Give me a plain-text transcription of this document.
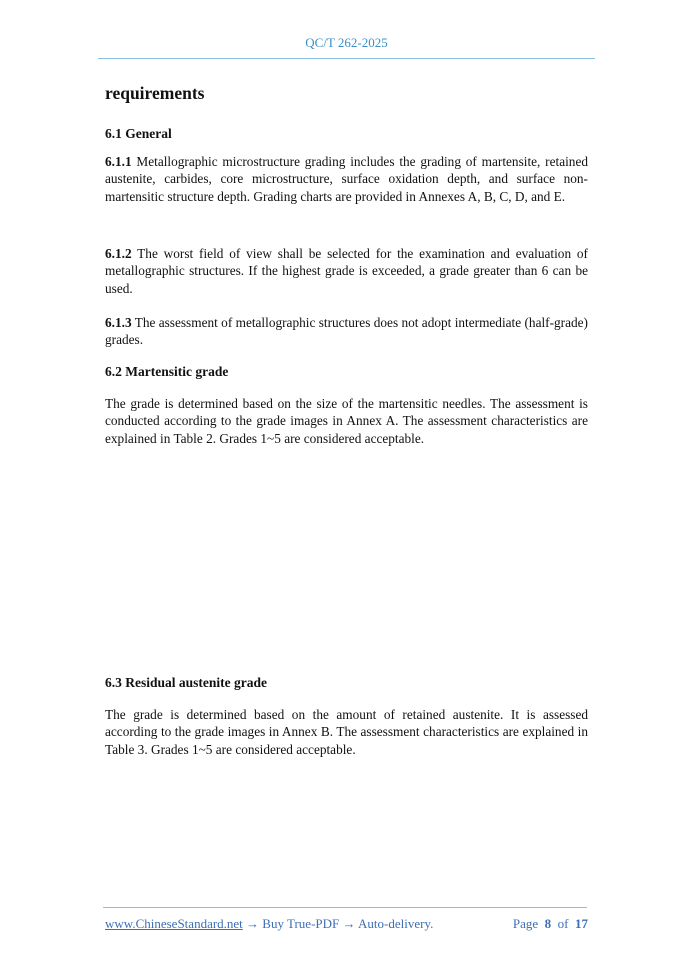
QC/T 262-2025
requirements
6.1 General
6.1.1 Metallographic microstructure grading includes the grading of martensite, retained austenite, carbides, core microstructure, surface oxidation depth, and surface non-martensitic structure depth. Grading charts are provided in Annexes A, B, C, D, and E.
6.1.2 The worst field of view shall be selected for the examination and evaluation of metallographic structures. If the highest grade is exceeded, a grade greater than 6 can be used.
6.1.3 The assessment of metallographic structures does not adopt intermediate (half-grade) grades.
6.2 Martensitic grade
The grade is determined based on the size of the martensitic needles. The assessment is conducted according to the grade images in Annex A. The assessment characteristics are explained in Table 2. Grades 1~5 are considered acceptable.
6.3 Residual austenite grade
The grade is determined based on the amount of retained austenite. It is assessed according to the grade images in Annex B. The assessment characteristics are explained in Table 3. Grades 1~5 are considered acceptable.
www.ChineseStandard.net → Buy True-PDF → Auto-delivery.	Page 8 of 17
